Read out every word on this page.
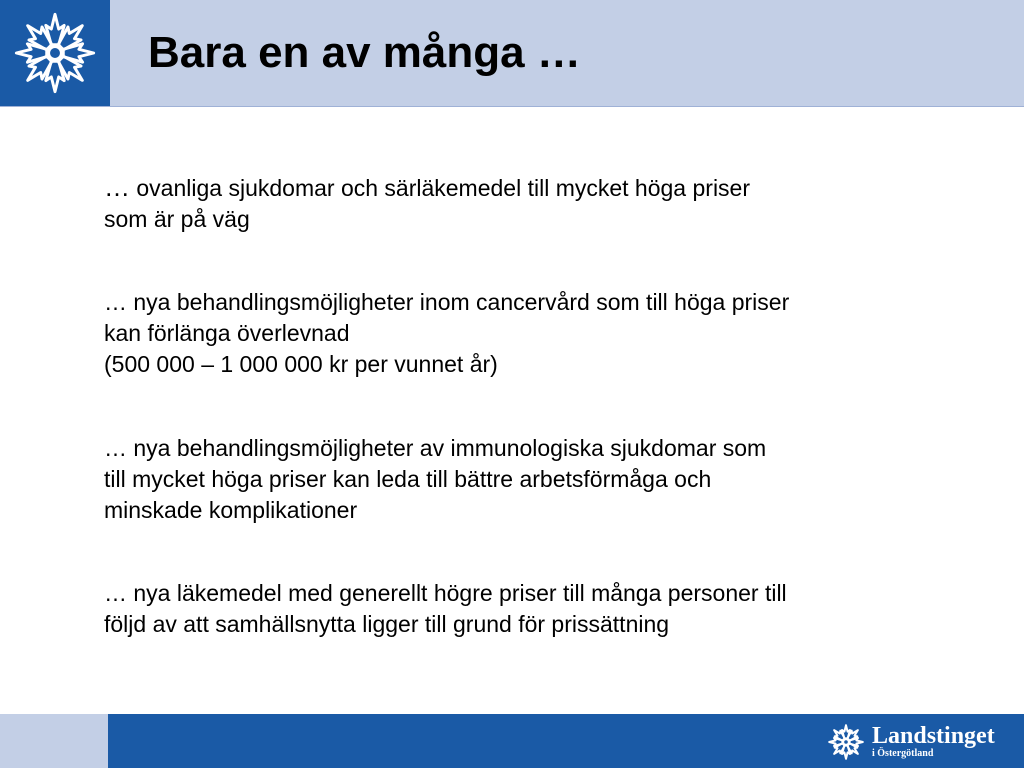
Bara en av många …

… ovanliga sjukdomar och särläkemedel till mycket höga priser
som är på väg

… nya behandlingsmöjligheter inom cancervård som till höga priser
kan förlänga överlevnad
(500 000 – 1 000 000 kr per vunnet år)

… nya behandlingsmöjligheter av immunologiska sjukdomar som
till mycket höga priser kan leda till bättre arbetsförmåga och
minskade komplikationer

… nya läkemedel med generellt högre priser till många personer till
följd av att samhällsnytta ligger till grund för prissättning

Landstinget
i Östergötland
